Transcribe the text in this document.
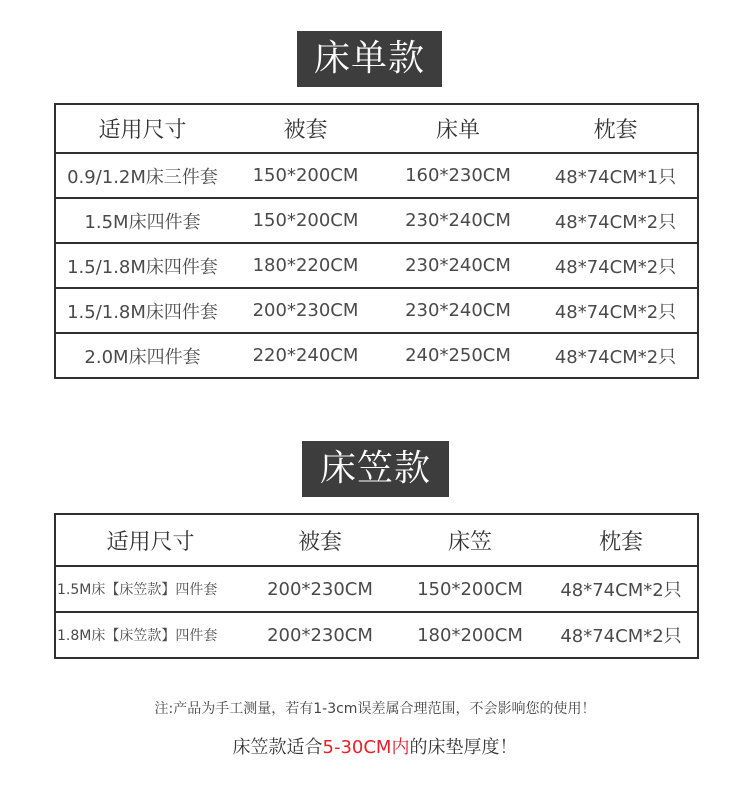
床单款
适用尺寸	被套	床单	枕套
0.9/1.2M床三件套	150*200CM	160*230CM	48*74CM*1只
1.5M床四件套	150*200CM	230*240CM	48*74CM*2只
1.5/1.8M床四件套	180*220CM	230*240CM	48*74CM*2只
1.5/1.8M床四件套	200*230CM	230*240CM	48*74CM*2只
2.0M床四件套	220*240CM	240*250CM	48*74CM*2只
床笠款
适用尺寸	被套	床笠	枕套
1.5M床【床笠款】四件套	200*230CM	150*200CM	48*74CM*2只
1.8M床【床笠款】四件套	200*230CM	180*200CM	48*74CM*2只
注:产品为手工测量，若有1-3cm误差属合理范围，不会影响您的使用！
床笠款适合5-30CM内的床垫厚度！
